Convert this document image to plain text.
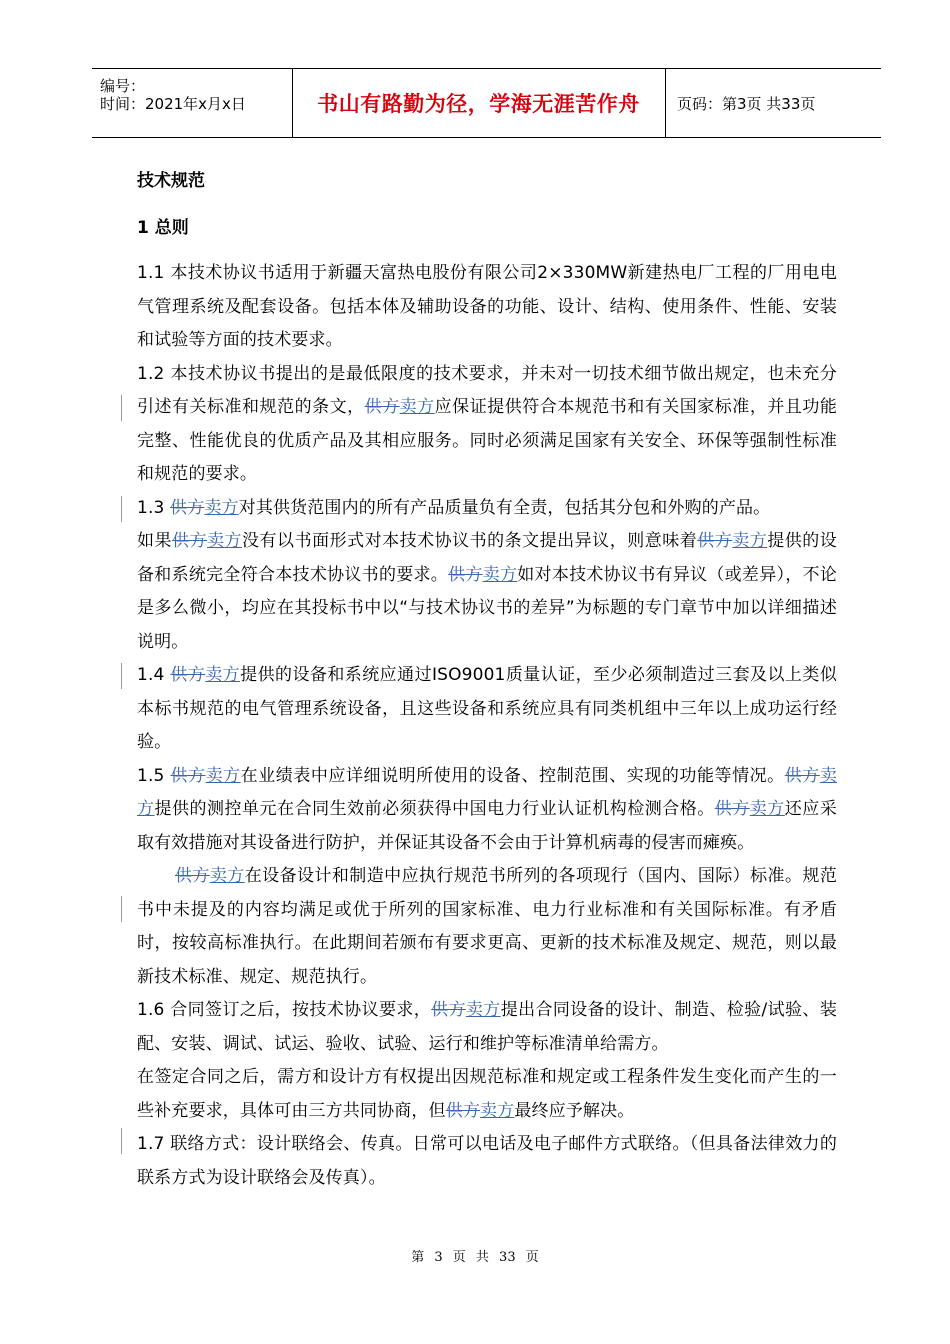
编号：
时间：2021年x月x日	书山有路勤为径，学海无涯苦作舟 页码：第3页 共33页

技术规范

1 总则

1.1 本技术协议书适用于新疆天富热电股份有限公司2×330MW新建热电厂工程的厂用电电气管理系统及配套设备。包括本体及辅助设备的功能、设计、结构、使用条件、性能、安装和试验等方面的技术要求。

1.2 本技术协议书提出的是最低限度的技术要求，并未对一切技术细节做出规定，也未充分引述有关标准和规范的条文，供方卖方应保证提供符合本规范书和有关国家标准，并且功能完整、性能优良的优质产品及其相应服务。同时必须满足国家有关安全、环保等强制性标准和规范的要求。

1.3 供方卖方对其供货范围内的所有产品质量负有全责，包括其分包和外购的产品。

如果供方卖方没有以书面形式对本技术协议书的条文提出异议，则意味着供方卖方提供的设备和系统完全符合本技术协议书的要求。供方卖方如对本技术协议书有异议（或差异），不论是多么微小，均应在其投标书中以“与技术协议书的差异”为标题的专门章节中加以详细描述说明。

1.4 供方卖方提供的设备和系统应通过ISO9001质量认证，至少必须制造过三套及以上类似本标书规范的电气管理系统设备，且这些设备和系统应具有同类机组中三年以上成功运行经验。

1.5 供方卖方在业绩表中应详细说明所使用的设备、控制范围、实现的功能等情况。供方卖方提供的测控单元在合同生效前必须获得中国电力行业认证机构检测合格。供方卖方还应采取有效措施对其设备进行防护，并保证其设备不会由于计算机病毒的侵害而瘫痪。

供方卖方在设备设计和制造中应执行规范书所列的各项现行（国内、国际）标准。规范书中未提及的内容均满足或优于所列的国家标准、电力行业标准和有关国际标准。有矛盾时，按较高标准执行。在此期间若颁布有要求更高、更新的技术标准及规定、规范，则以最新技术标准、规定、规范执行。

1.6 合同签订之后，按技术协议要求，供方卖方提出合同设备的设计、制造、检验/试验、装配、安装、调试、试运、验收、试验、运行和维护等标准清单给需方。

在签定合同之后，需方和设计方有权提出因规范标准和规定或工程条件发生变化而产生的一些补充要求，具体可由三方共同协商，但供方卖方最终应予解决。

1.7 联络方式：设计联络会、传真。日常可以电话及电子邮件方式联络。（但具备法律效力的联系方式为设计联络会及传真）。

第 3 页 共 33 页
